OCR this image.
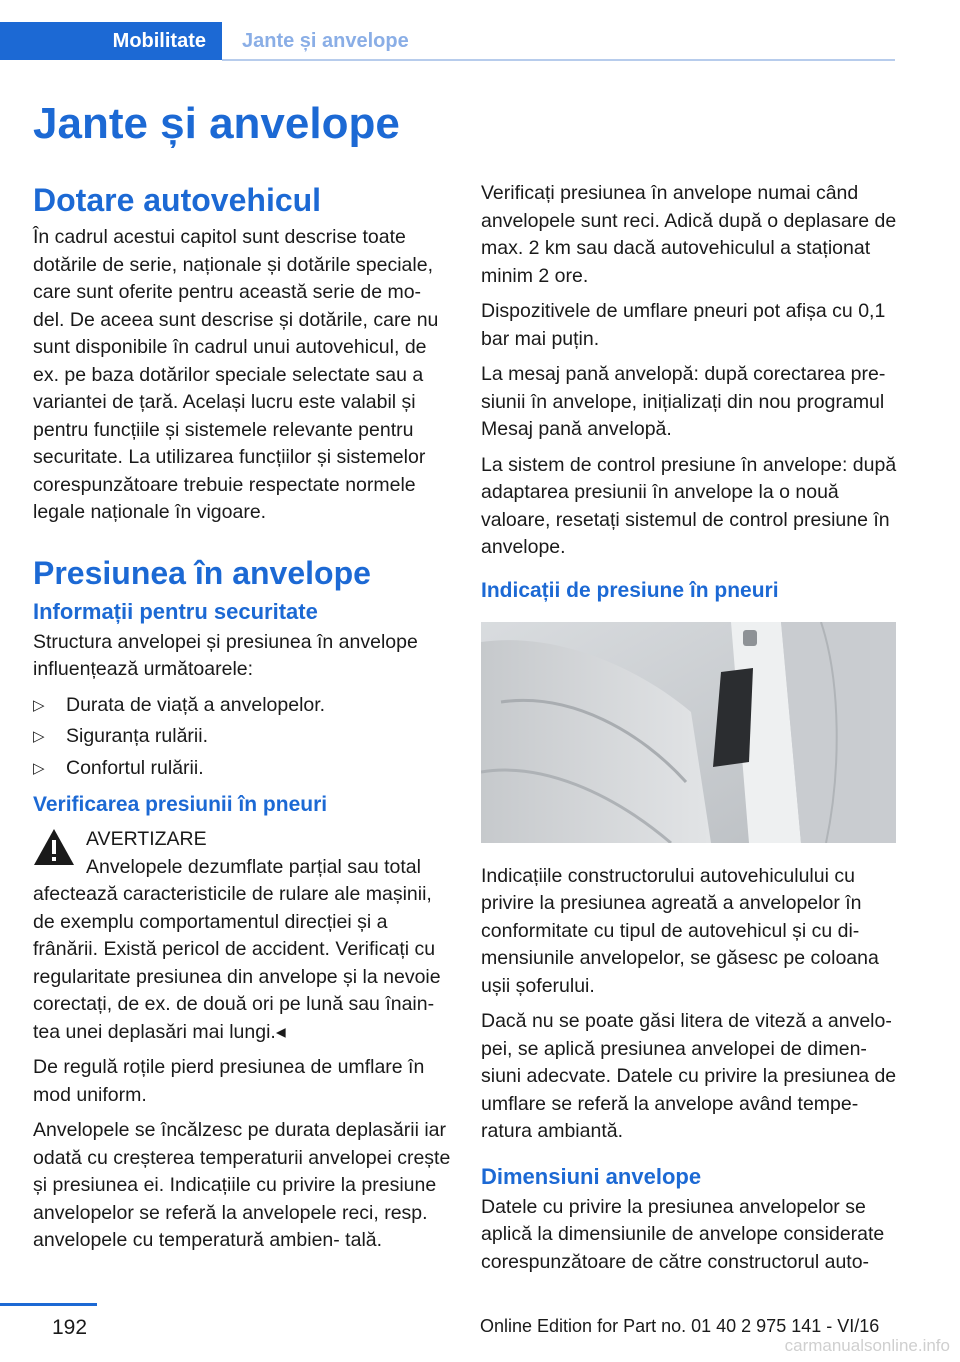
Mobilitate Jante și anvelope
Jante și anvelope
Dotare autovehicul

În cadrul acestui capitol sunt descrise toate dotările de serie, naționale și dotările speciale, care sunt oferite pentru această serie de mo‐ del. De aceea sunt descrise și dotările, care nu sunt disponibile în cadrul unui autovehicul, de ex. pe baza dotărilor speciale selectate sau a variantei de țară. Același lucru este valabil și pentru funcțiile și sistemele relevante pentru securitate. La utilizarea funcțiilor și sistemelor corespunzătoare trebuie respectate normele legale naționale în vigoare.

Presiunea în anvelope
Informații pentru securitate

Structura anvelopei și presiunea în anvelope influențează următoarele:

▷ Durata de viață a anvelopelor.
▷ Siguranța rulării.
▷ Confortul rulării.
Verificarea presiunii în pneuri
AVERTIZARE

Anvelopele dezumflate parțial sau total afectează caracteristicile de rulare ale mașinii, de exemplu comportamentul direcției și a frânării. Există pericol de accident. Verificați cu regularitate presiunea din anvelope și la nevoie corectați, de ex. de două ori pe lună sau înain‐ tea unei deplasări mai lungi.◂

De regulă roțile pierd presiunea de umflare în mod uniform.

Anvelopele se încălzesc pe durata deplasării iar odată cu creșterea temperaturii anvelopei crește și presiunea ei. Indicațiile cu privire la presiune anvelopelor se referă la anvelopele reci, resp. anvelopele cu temperatură ambien‐ tală.

Verificați presiunea în anvelope numai când anvelopele sunt reci. Adică după o deplasare de max. 2 km sau dacă autovehiculul a staționat minim 2 ore.

Dispozitivele de umflare pneuri pot afișa cu 0,1 bar mai puțin.

La mesaj pană anvelopă: după corectarea pre‐ siunii în anvelope, inițializați din nou programul Mesaj pană anvelopă.

La sistem de control presiune în anvelope: după adaptarea presiunii în anvelope la o nouă valoare, resetați sistemul de control presiune în anvelope.

Indicații de presiune în pneuri

Indicațiile constructorului autovehiculului cu privire la presiunea agreată a anvelopelor în conformitate cu tipul de autovehicul și cu di‐ mensiunile anvelopelor, se găsesc pe coloana ușii șoferului.

Dacă nu se poate găsi litera de viteză a anvelo‐ pei, se aplică presiunea anvelopei de dimen‐ siuni adecvate. Datele cu privire la presiunea de umflare se referă la anvelope având tempe‐ ratura ambiantă.

Dimensiuni anvelope

Datele cu privire la presiunea anvelopelor se aplică la dimensiunile de anvelope considerate corespunzătoare de către constructorul auto‐

192	Online Edition for Part no. 01 40 2 975 141 - VI/16
carmanualsonline.info
